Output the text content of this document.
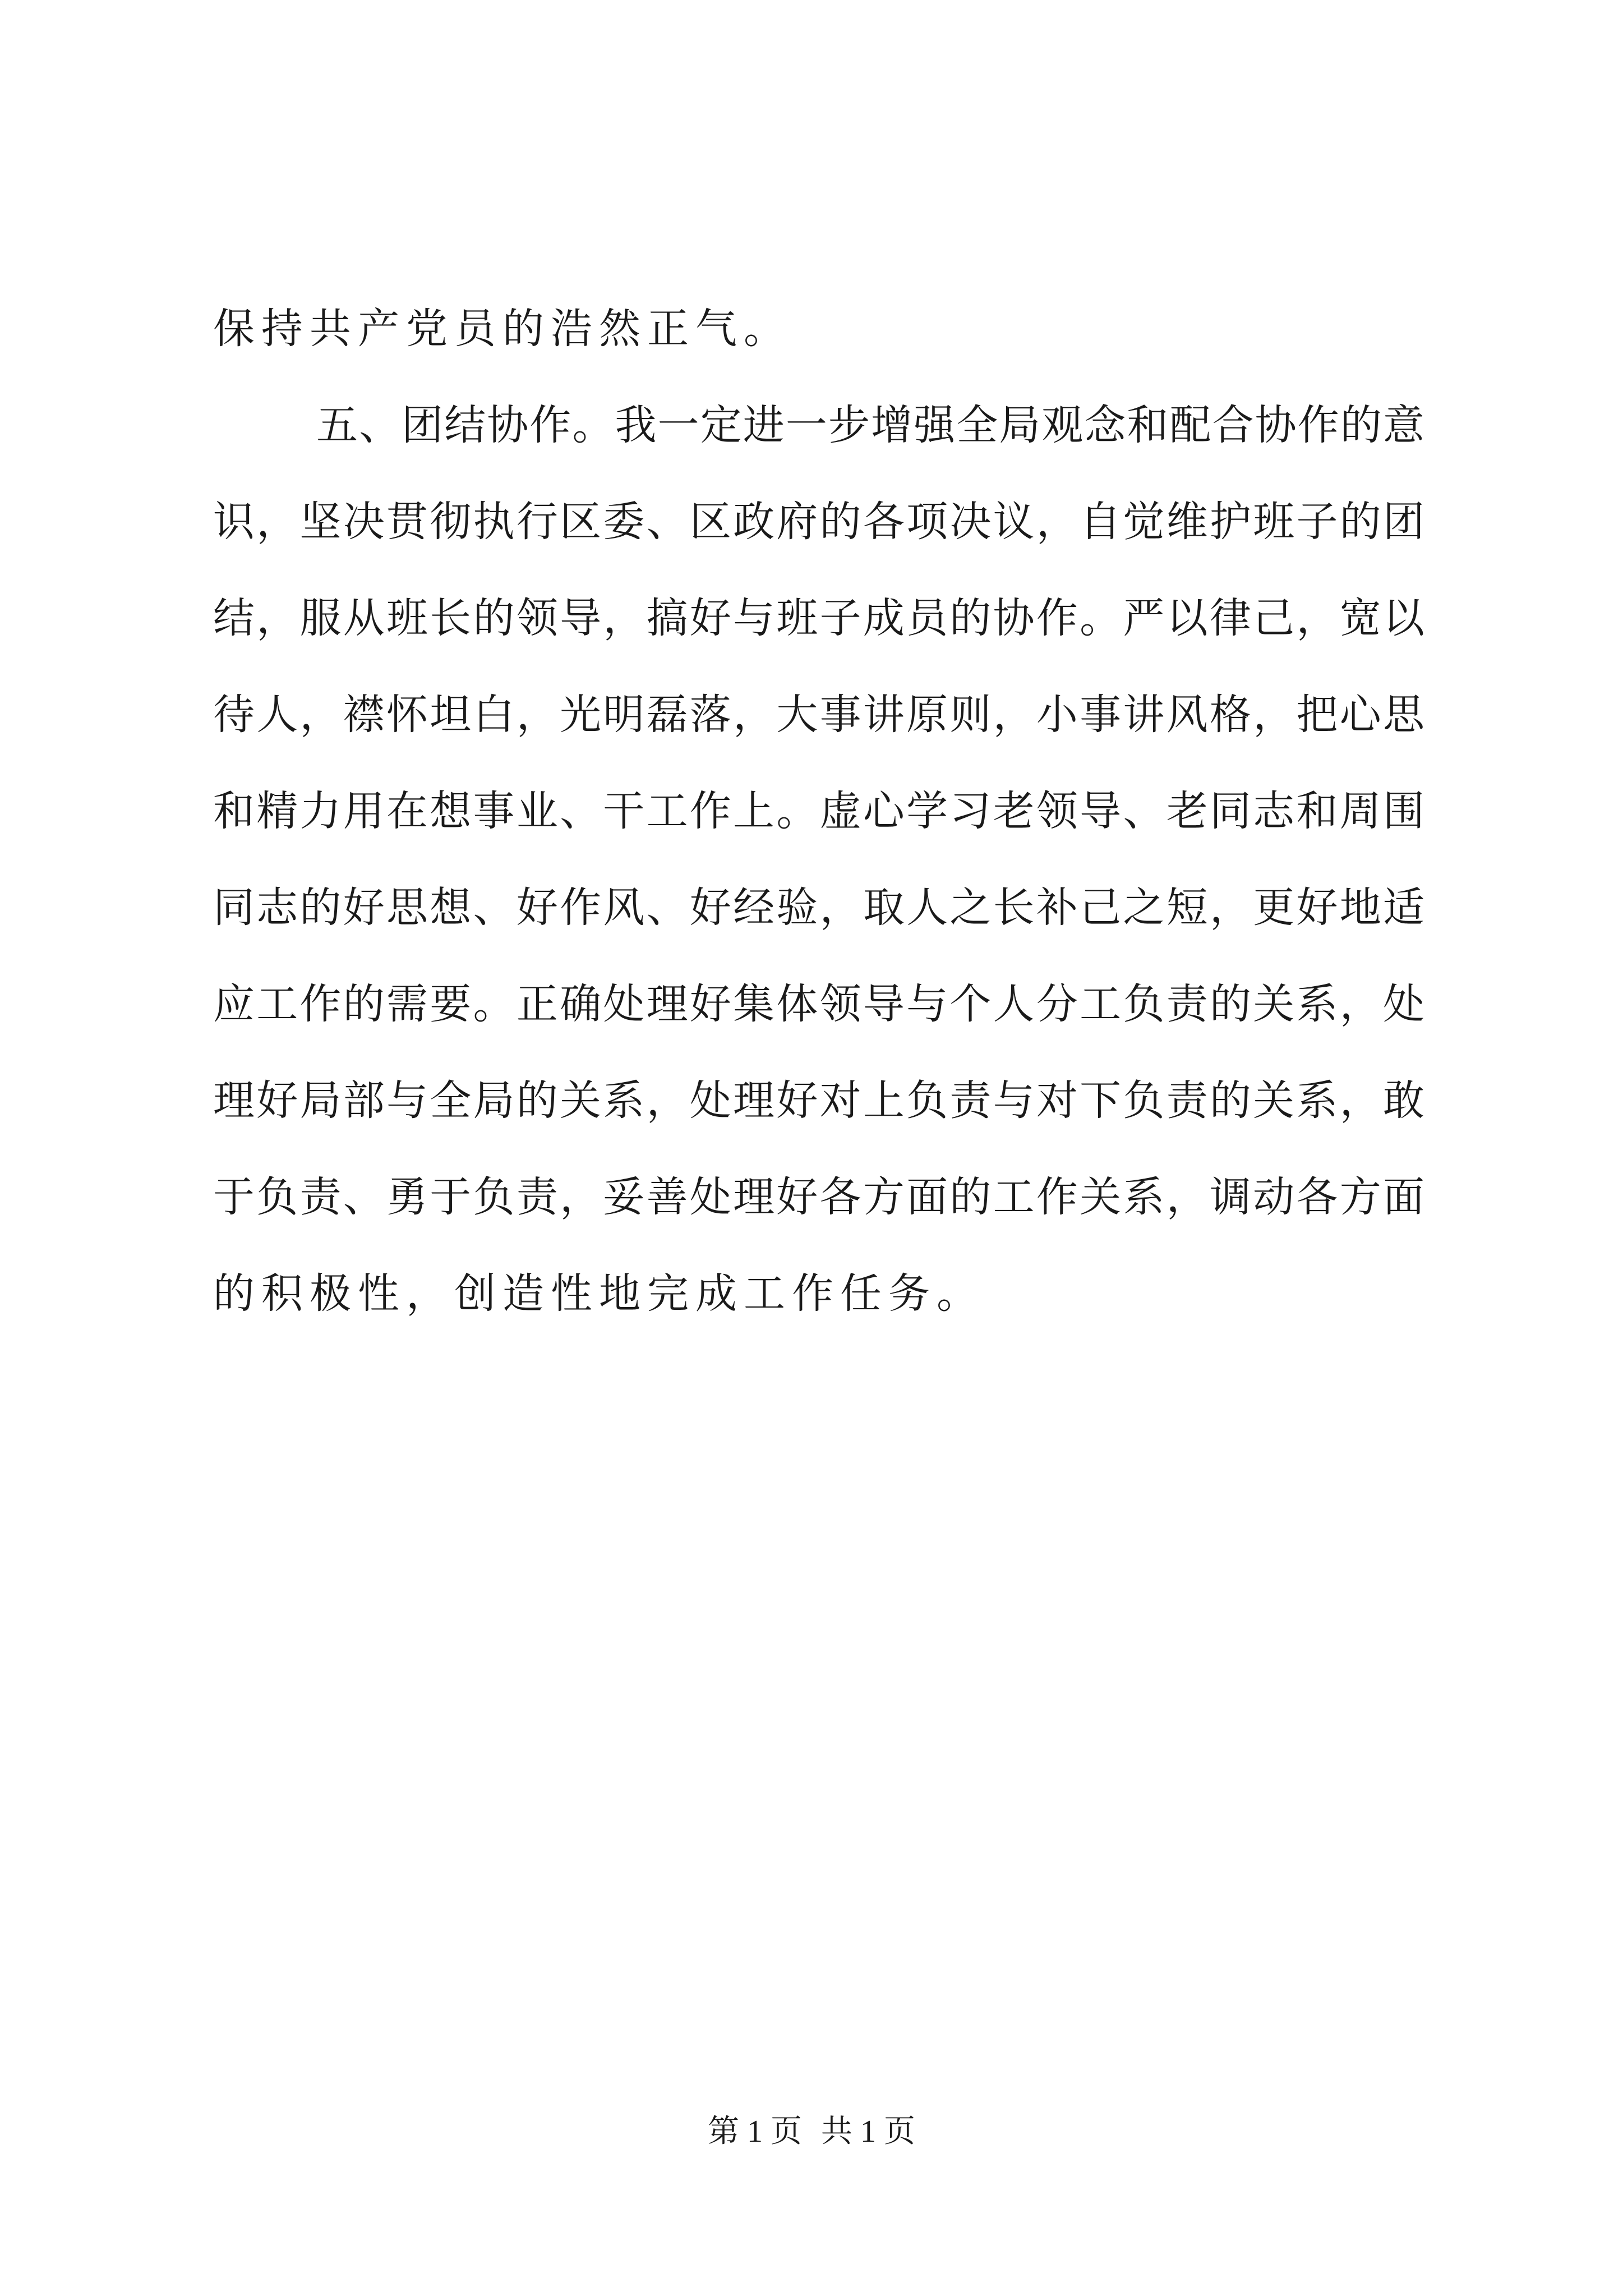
保持共产党员的浩然正气。
五、团结协作。我一定进一步增强全局观念和配合协作的意
识，坚决贯彻执行区委、区政府的各项决议，自觉维护班子的团
结，服从班长的领导，搞好与班子成员的协作。严以律己，宽以
待人，襟怀坦白，光明磊落，大事讲原则，小事讲风格，把心思
和精力用在想事业、干工作上。虚心学习老领导、老同志和周围
同志的好思想、好作风、好经验，取人之长补己之短，更好地适
应工作的需要。正确处理好集体领导与个人分工负责的关系，处
理好局部与全局的关系，处理好对上负责与对下负责的关系，敢
于负责、勇于负责，妥善处理好各方面的工作关系，调动各方面
的积极性，创造性地完成工作任务。
第 1 页 共 1 页
